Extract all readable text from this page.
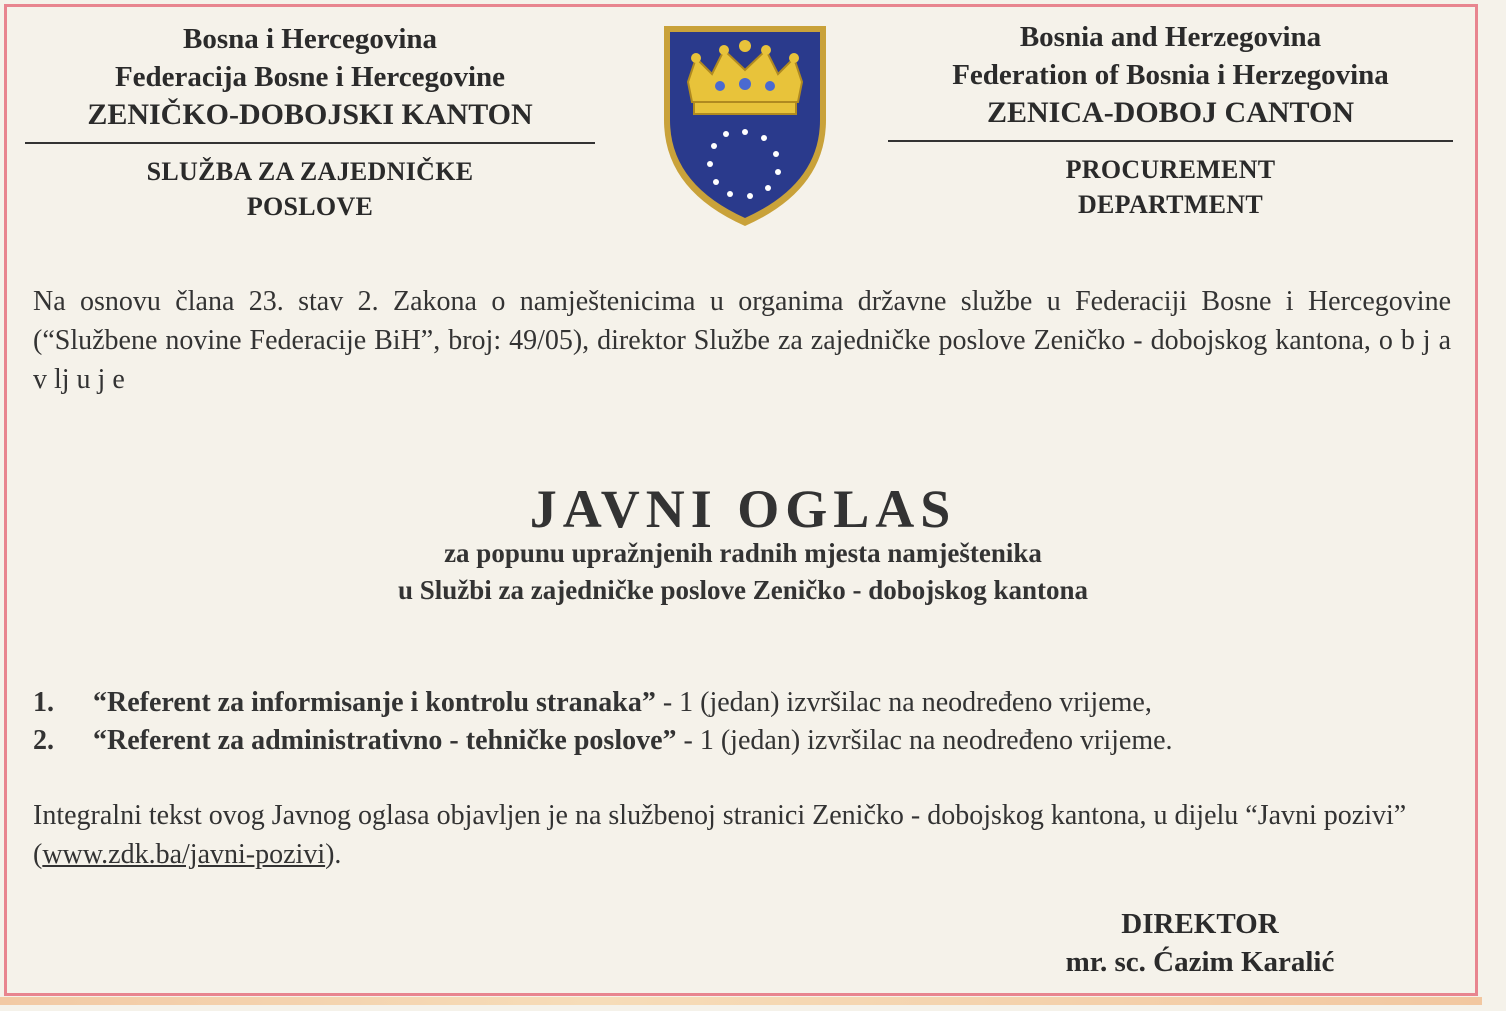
Bosna i Hercegovina
Federacija Bosne i Hercegovine
ZENIČKO-DOBOJSKI KANTON
SLUŽBA ZA ZAJEDNIČKE
POSLOVE
Bosnia and Herzegovina
Federation of Bosnia i Herzegovina
ZENICA-DOBOJ CANTON
PROCUREMENT
DEPARTMENT
Na osnovu člana 23. stav 2. Zakona o namještenicima u organima državne službe u Federaciji Bosne i Hercegovine (“Službene novine Federacije BiH”, broj: 49/05), direktor Službe za zajedničke poslove Zeničko - dobojskog kantona, o b j a v lj u j e
JAVNI OGLAS
za popunu upražnjenih radnih mjesta namještenika
u Službi za zajedničke poslove Zeničko - dobojskog kantona
1.	“Referent za informisanje i kontrolu stranaka” - 1 (jedan) izvršilac na neodređeno vrijeme,
2.	“Referent za administrativno - tehničke poslove” - 1 (jedan) izvršilac na neodređeno vrijeme.
Integralni tekst ovog Javnog oglasa objavljen je na službenoj stranici Zeničko - dobojskog kantona, u dijelu “Javni pozivi” (www.zdk.ba/javni-pozivi).
DIREKTOR
mr. sc. Ćazim Karalić
